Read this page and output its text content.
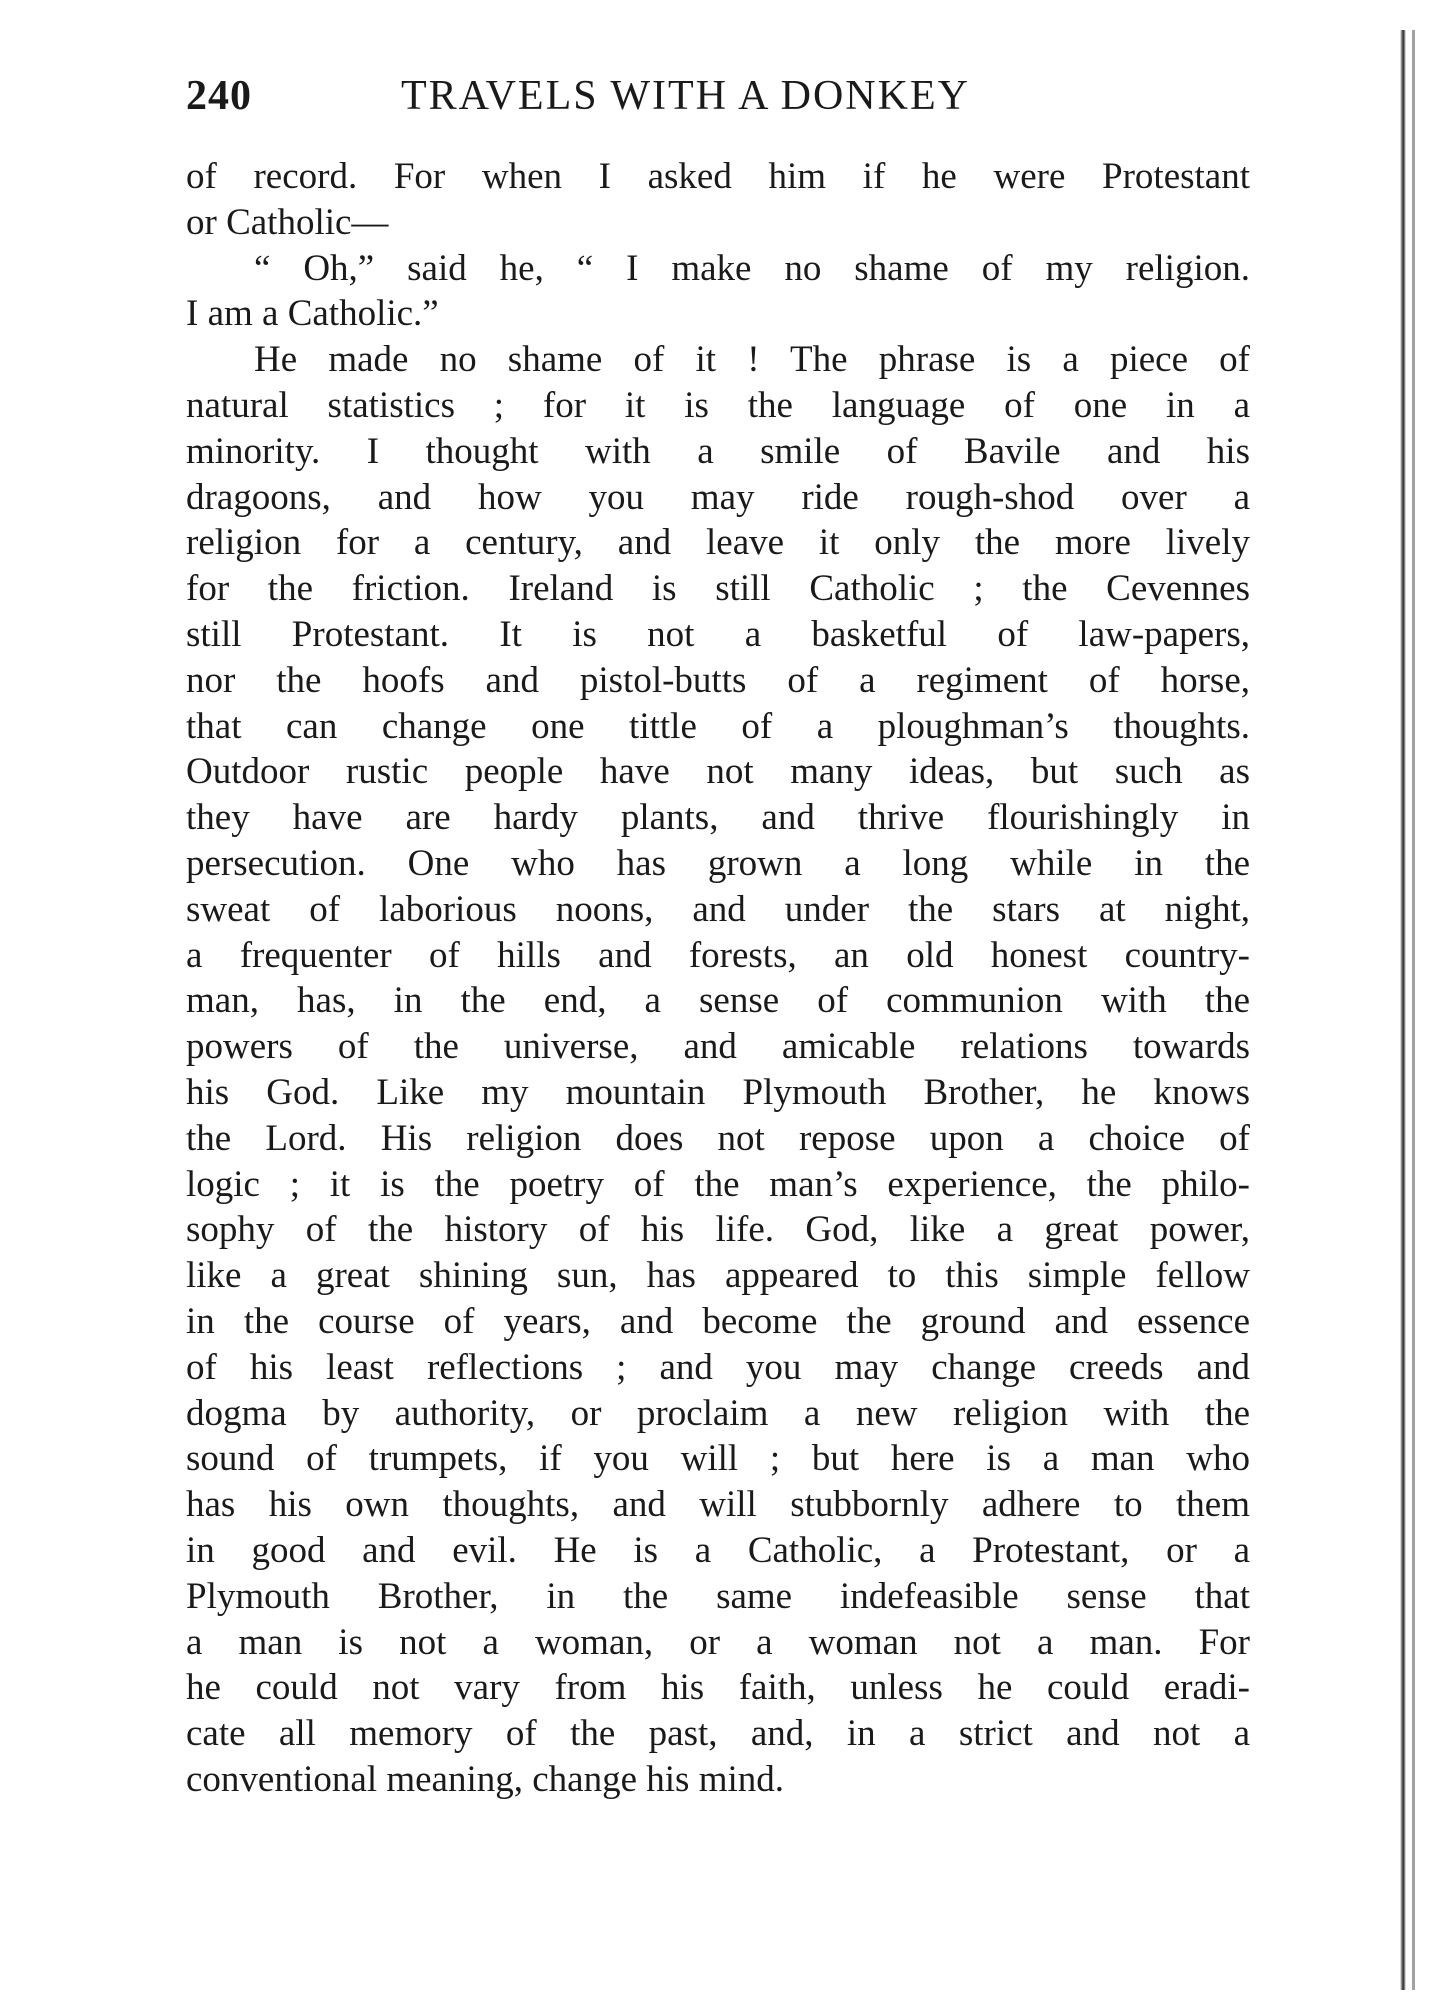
240	TRAVELS WITH A DONKEY
of record. For when I asked him if he were Protestant
or Catholic—
“ Oh,” said he, “ I make no shame of my religion.
I am a Catholic.”
He made no shame of it ! The phrase is a piece of
natural statistics ; for it is the language of one in a
minority. I thought with a smile of Bavile and his
dragoons, and how you may ride rough-shod over a
religion for a century, and leave it only the more lively
for the friction. Ireland is still Catholic ; the Cevennes
still Protestant. It is not a basketful of law-papers,
nor the hoofs and pistol-butts of a regiment of horse,
that can change one tittle of a ploughman’s thoughts.
Outdoor rustic people have not many ideas, but such as
they have are hardy plants, and thrive flourishingly in
persecution. One who has grown a long while in the
sweat of laborious noons, and under the stars at night,
a frequenter of hills and forests, an old honest country-
man, has, in the end, a sense of communion with the
powers of the universe, and amicable relations towards
his God. Like my mountain Plymouth Brother, he knows
the Lord. His religion does not repose upon a choice of
logic ; it is the poetry of the man’s experience, the philo-
sophy of the history of his life. God, like a great power,
like a great shining sun, has appeared to this simple fellow
in the course of years, and become the ground and essence
of his least reflections ; and you may change creeds and
dogma by authority, or proclaim a new religion with the
sound of trumpets, if you will ; but here is a man who
has his own thoughts, and will stubbornly adhere to them
in good and evil. He is a Catholic, a Protestant, or a
Plymouth Brother, in the same indefeasible sense that
a man is not a woman, or a woman not a man. For
he could not vary from his faith, unless he could eradi-
cate all memory of the past, and, in a strict and not a
conventional meaning, change his mind.
